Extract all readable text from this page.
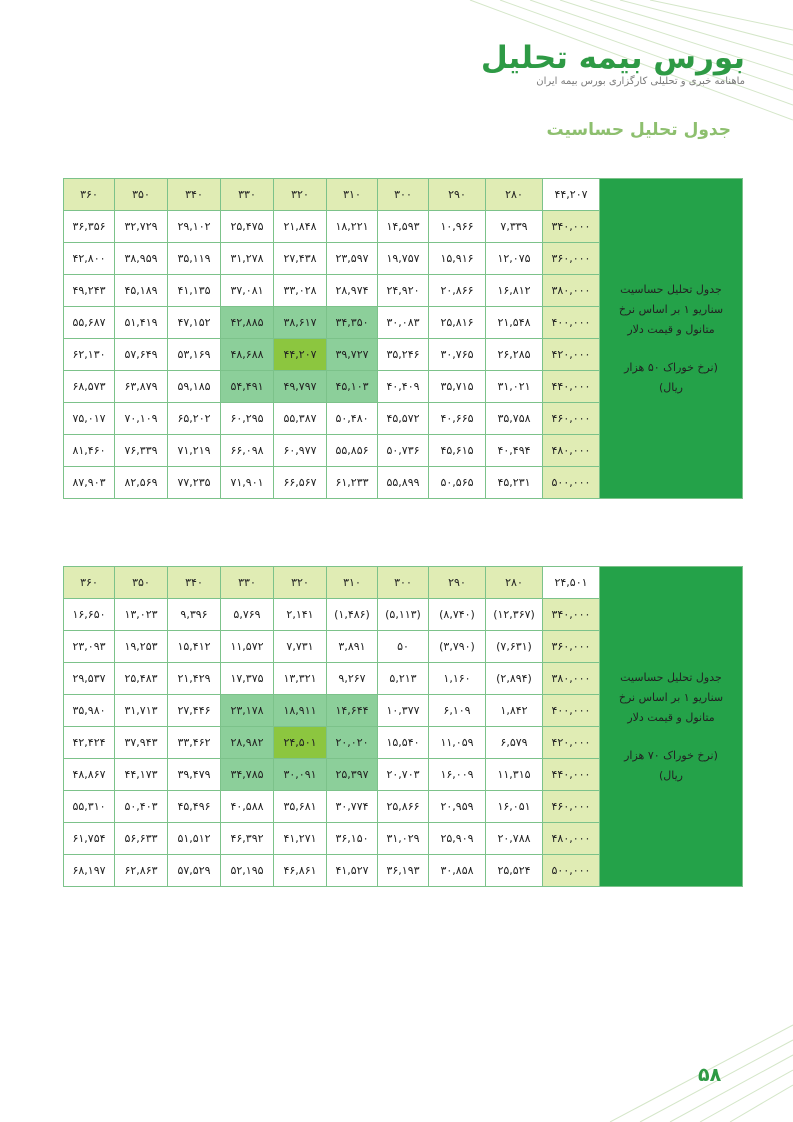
بورس بیمه تحلیل
ماهنامه خبری و تحلیلی کارگزاری بورس بیمه ایران
جدول تحلیل حساسیت
۳۶۰	۳۵۰	۳۴۰	۳۳۰	۳۲۰	۳۱۰	۳۰۰	۲۹۰	۲۸۰	۴۴,۲۰۷	جدول تحلیل حساسیت
سناریو ۱ بر اساس نرخ
متانول و قیمت دلار
(نرخ خوراک ۵۰ هزار
ریال)

۳۶,۳۵۶	۳۲,۷۲۹	۲۹,۱۰۲	۲۵,۴۷۵	۲۱,۸۴۸	۱۸,۲۲۱	۱۴,۵۹۳	۱۰,۹۶۶	۷,۳۳۹	۳۴۰,۰۰۰	
۴۲,۸۰۰	۳۸,۹۵۹	۳۵,۱۱۹	۳۱,۲۷۸	۲۷,۴۳۸	۲۳,۵۹۷	۱۹,۷۵۷	۱۵,۹۱۶	۱۲,۰۷۵	۳۶۰,۰۰۰	
۴۹,۲۴۳	۴۵,۱۸۹	۴۱,۱۳۵	۳۷,۰۸۱	۳۳,۰۲۸	۲۸,۹۷۴	۲۴,۹۲۰	۲۰,۸۶۶	۱۶,۸۱۲	۳۸۰,۰۰۰	
۵۵,۶۸۷	۵۱,۴۱۹	۴۷,۱۵۲	۴۲,۸۸۵	۳۸,۶۱۷	۳۴,۳۵۰	۳۰,۰۸۳	۲۵,۸۱۶	۲۱,۵۴۸	۴۰۰,۰۰۰	
۶۲,۱۳۰	۵۷,۶۴۹	۵۳,۱۶۹	۴۸,۶۸۸	۴۴,۲۰۷	۳۹,۷۲۷	۳۵,۲۴۶	۳۰,۷۶۵	۲۶,۲۸۵	۴۲۰,۰۰۰	
۶۸,۵۷۳	۶۳,۸۷۹	۵۹,۱۸۵	۵۴,۴۹۱	۴۹,۷۹۷	۴۵,۱۰۳	۴۰,۴۰۹	۳۵,۷۱۵	۳۱,۰۲۱	۴۴۰,۰۰۰	
۷۵,۰۱۷	۷۰,۱۰۹	۶۵,۲۰۲	۶۰,۲۹۵	۵۵,۳۸۷	۵۰,۴۸۰	۴۵,۵۷۲	۴۰,۶۶۵	۳۵,۷۵۸	۴۶۰,۰۰۰	
۸۱,۴۶۰	۷۶,۳۳۹	۷۱,۲۱۹	۶۶,۰۹۸	۶۰,۹۷۷	۵۵,۸۵۶	۵۰,۷۳۶	۴۵,۶۱۵	۴۰,۴۹۴	۴۸۰,۰۰۰	
۸۷,۹۰۳	۸۲,۵۶۹	۷۷,۲۳۵	۷۱,۹۰۱	۶۶,۵۶۷	۶۱,۲۳۳	۵۵,۸۹۹	۵۰,۵۶۵	۴۵,۲۳۱	۵۰۰,۰۰۰	
۳۶۰	۳۵۰	۳۴۰	۳۳۰	۳۲۰	۳۱۰	۳۰۰	۲۹۰	۲۸۰	۲۴,۵۰۱	جدول تحلیل حساسیت
سناریو ۱ بر اساس نرخ
متانول و قیمت دلار
(نرخ خوراک ۷۰ هزار
ریال)

۱۶,۶۵۰	۱۳,۰۲۳	۹,۳۹۶	۵,۷۶۹	۲,۱۴۱	(۱,۴۸۶)	(۵,۱۱۳)	(۸,۷۴۰)	(۱۲,۳۶۷)	۳۴۰,۰۰۰	
۲۳,۰۹۳	۱۹,۲۵۳	۱۵,۴۱۲	۱۱,۵۷۲	۷,۷۳۱	۳,۸۹۱	۵۰	(۳,۷۹۰)	(۷,۶۳۱)	۳۶۰,۰۰۰	
۲۹,۵۳۷	۲۵,۴۸۳	۲۱,۴۲۹	۱۷,۳۷۵	۱۳,۳۲۱	۹,۲۶۷	۵,۲۱۳	۱,۱۶۰	(۲,۸۹۴)	۳۸۰,۰۰۰	
۳۵,۹۸۰	۳۱,۷۱۳	۲۷,۴۴۶	۲۳,۱۷۸	۱۸,۹۱۱	۱۴,۶۴۴	۱۰,۳۷۷	۶,۱۰۹	۱,۸۴۲	۴۰۰,۰۰۰	
۴۲,۴۲۴	۳۷,۹۴۳	۳۳,۴۶۲	۲۸,۹۸۲	۲۴,۵۰۱	۲۰,۰۲۰	۱۵,۵۴۰	۱۱,۰۵۹	۶,۵۷۹	۴۲۰,۰۰۰	
۴۸,۸۶۷	۴۴,۱۷۳	۳۹,۴۷۹	۳۴,۷۸۵	۳۰,۰۹۱	۲۵,۳۹۷	۲۰,۷۰۳	۱۶,۰۰۹	۱۱,۳۱۵	۴۴۰,۰۰۰	
۵۵,۳۱۰	۵۰,۴۰۳	۴۵,۴۹۶	۴۰,۵۸۸	۳۵,۶۸۱	۳۰,۷۷۴	۲۵,۸۶۶	۲۰,۹۵۹	۱۶,۰۵۱	۴۶۰,۰۰۰	
۶۱,۷۵۴	۵۶,۶۳۳	۵۱,۵۱۲	۴۶,۳۹۲	۴۱,۲۷۱	۳۶,۱۵۰	۳۱,۰۲۹	۲۵,۹۰۹	۲۰,۷۸۸	۴۸۰,۰۰۰	
۶۸,۱۹۷	۶۲,۸۶۳	۵۷,۵۲۹	۵۲,۱۹۵	۴۶,۸۶۱	۴۱,۵۲۷	۳۶,۱۹۳	۳۰,۸۵۸	۲۵,۵۲۴	۵۰۰,۰۰۰	
۵۸
